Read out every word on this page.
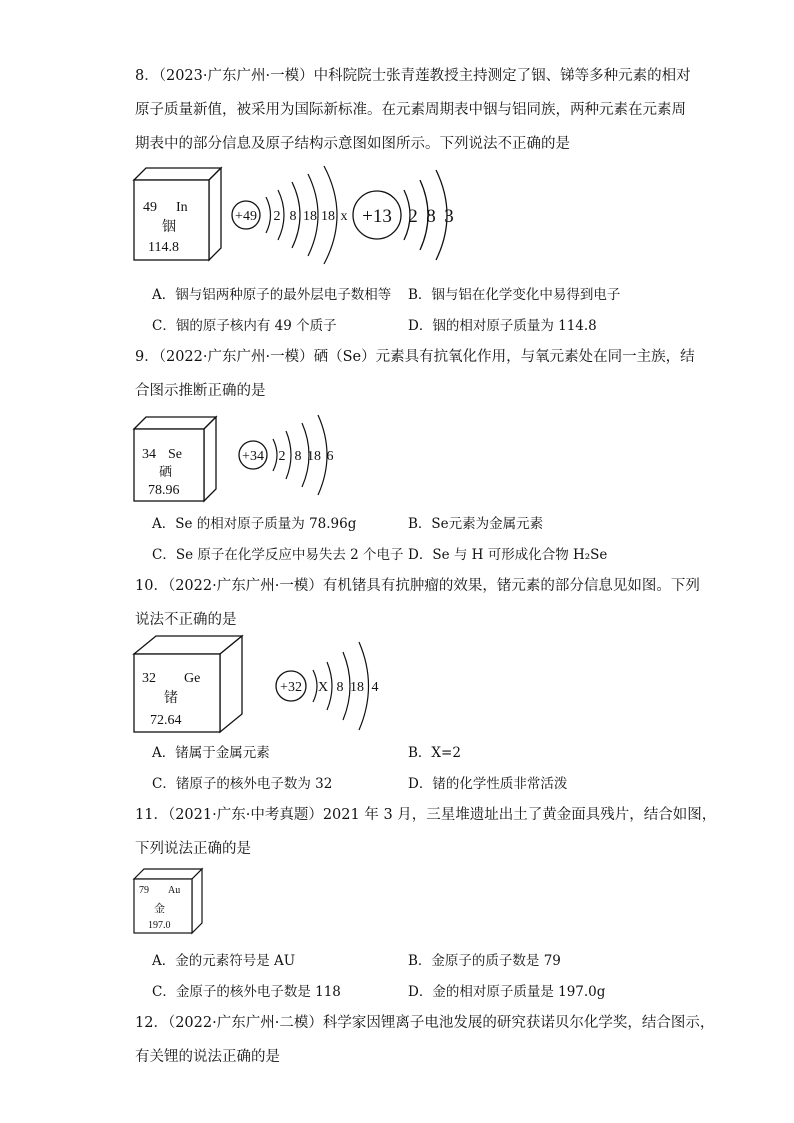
8．（2023·广东广州·一模）中科院院士张青莲教授主持测定了铟、锑等多种元素的相对
原子质量新值，被采用为国际新标准。在元素周期表中铟与铝同族，两种元素在元素周
期表中的部分信息及原子结构示意图如图所示。下列说法不正确的是
49 In
铟
114.8
+49 2 8 18 18 x +13 2 8 3
A．铟与铝两种原子的最外层电子数相等 B．铟与铝在化学变化中易得到电子
C．铟的原子核内有 49 个质子	D．铟的相对原子质量为 114.8
9．（2022·广东广州·一模）硒（Se）元素具有抗氧化作用，与氧元素处在同一主族，结
合图示推断正确的是
34 Se
硒
78.96
+34 2 8 18 6
A．Se 的相对原子质量为 78.96g	B．Se元素为金属元素
C．Se 原子在化学反应中易失去 2 个电子 D．Se 与 H 可形成化合物 H₂Se
10．（2022·广东广州·一模）有机锗具有抗肿瘤的效果，锗元素的部分信息见如图。下列
说法不正确的是
32 Ge
锗
72.64
+32 X 8 18 4
A．锗属于金属元素	B．X=2
C．锗原子的核外电子数为 32	D．锗的化学性质非常活泼
11．（2021·广东·中考真题）2021 年 3 月，三星堆遗址出土了黄金面具残片，结合如图，
下列说法正确的是
79 Au
金
197.0
A．金的元素符号是 AU	B．金原子的质子数是 79
C．金原子的核外电子数是 118	D．金的相对原子质量是 197.0g
12．（2022·广东广州·二模）科学家因锂离子电池发展的研究获诺贝尔化学奖，结合图示，
有关锂的说法正确的是
